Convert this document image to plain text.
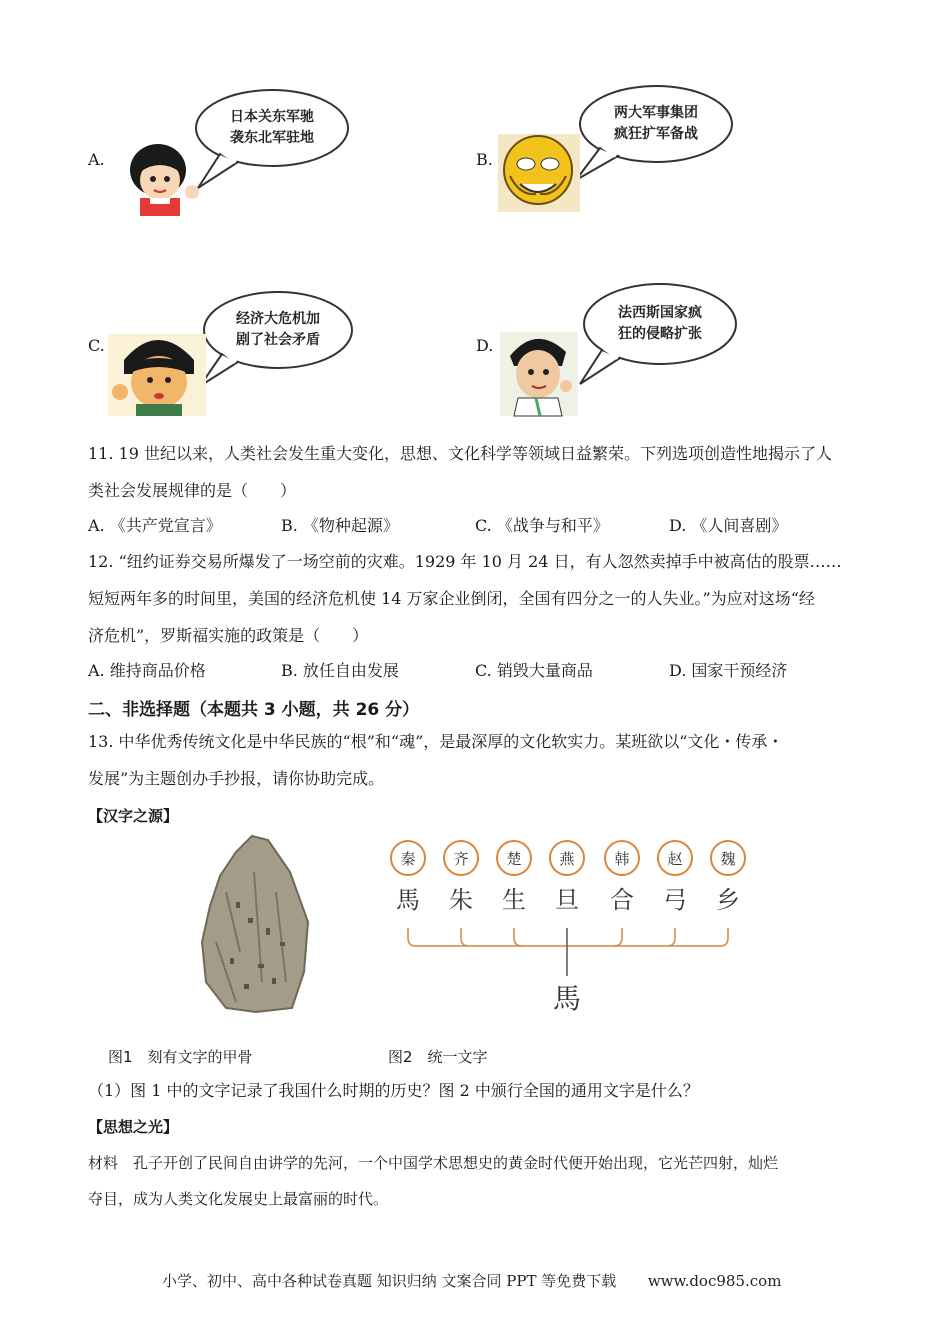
A.
日本关东军驰
袭东北军驻地
B.
两大军事集团
疯狂扩军备战
C.
经济大危机加
剧了社会矛盾	D.
法西斯国家疯
狂的侵略扩张
11. 19 世纪以来，人类社会发生重大变化，思想、文化科学等领域日益繁荣。下列选项创造性地揭示了人
类社会发展规律的是（　　）
A. 《共产党宣言》	B. 《物种起源》	C. 《战争与和平》	D. 《人间喜剧》
12. “纽约证券交易所爆发了一场空前的灾难。1929 年 10 月 24 日，有人忽然卖掉手中被高估的股票……
短短两年多的时间里，美国的经济危机使 14 万家企业倒闭，全国有四分之一的人失业。”为应对这场“经
济危机”，罗斯福实施的政策是（　　）
A. 维持商品价格	B. 放任自由发展	C. 销毁大量商品	D. 国家干预经济
二、非选择题（本题共 3 小题，共 26 分）
13. 中华优秀传统文化是中华民族的“根”和“魂”，是最深厚的文化软实力。某班欲以“文化・传承・
发展”为主题创办手抄报，请你协助完成。
【汉字之源】
秦	齐	楚	燕	韩	赵	魏
馬 朱 生 旦 合 弓 乡
馬
图1　刻有文字的甲骨	图2　统一文字
（1）图 1 中的文字记录了我国什么时期的历史？图 2 中颁行全国的通用文字是什么？
【思想之光】
材料　孔子开创了民间自由讲学的先河，一个中国学术思想史的黄金时代便开始出现，它光芒四射，灿烂
夺目，成为人类文化发展史上最富丽的时代。
小学、初中、高中各种试卷真题 知识归纳 文案合同 PPT 等免费下载 www.doc985.com
